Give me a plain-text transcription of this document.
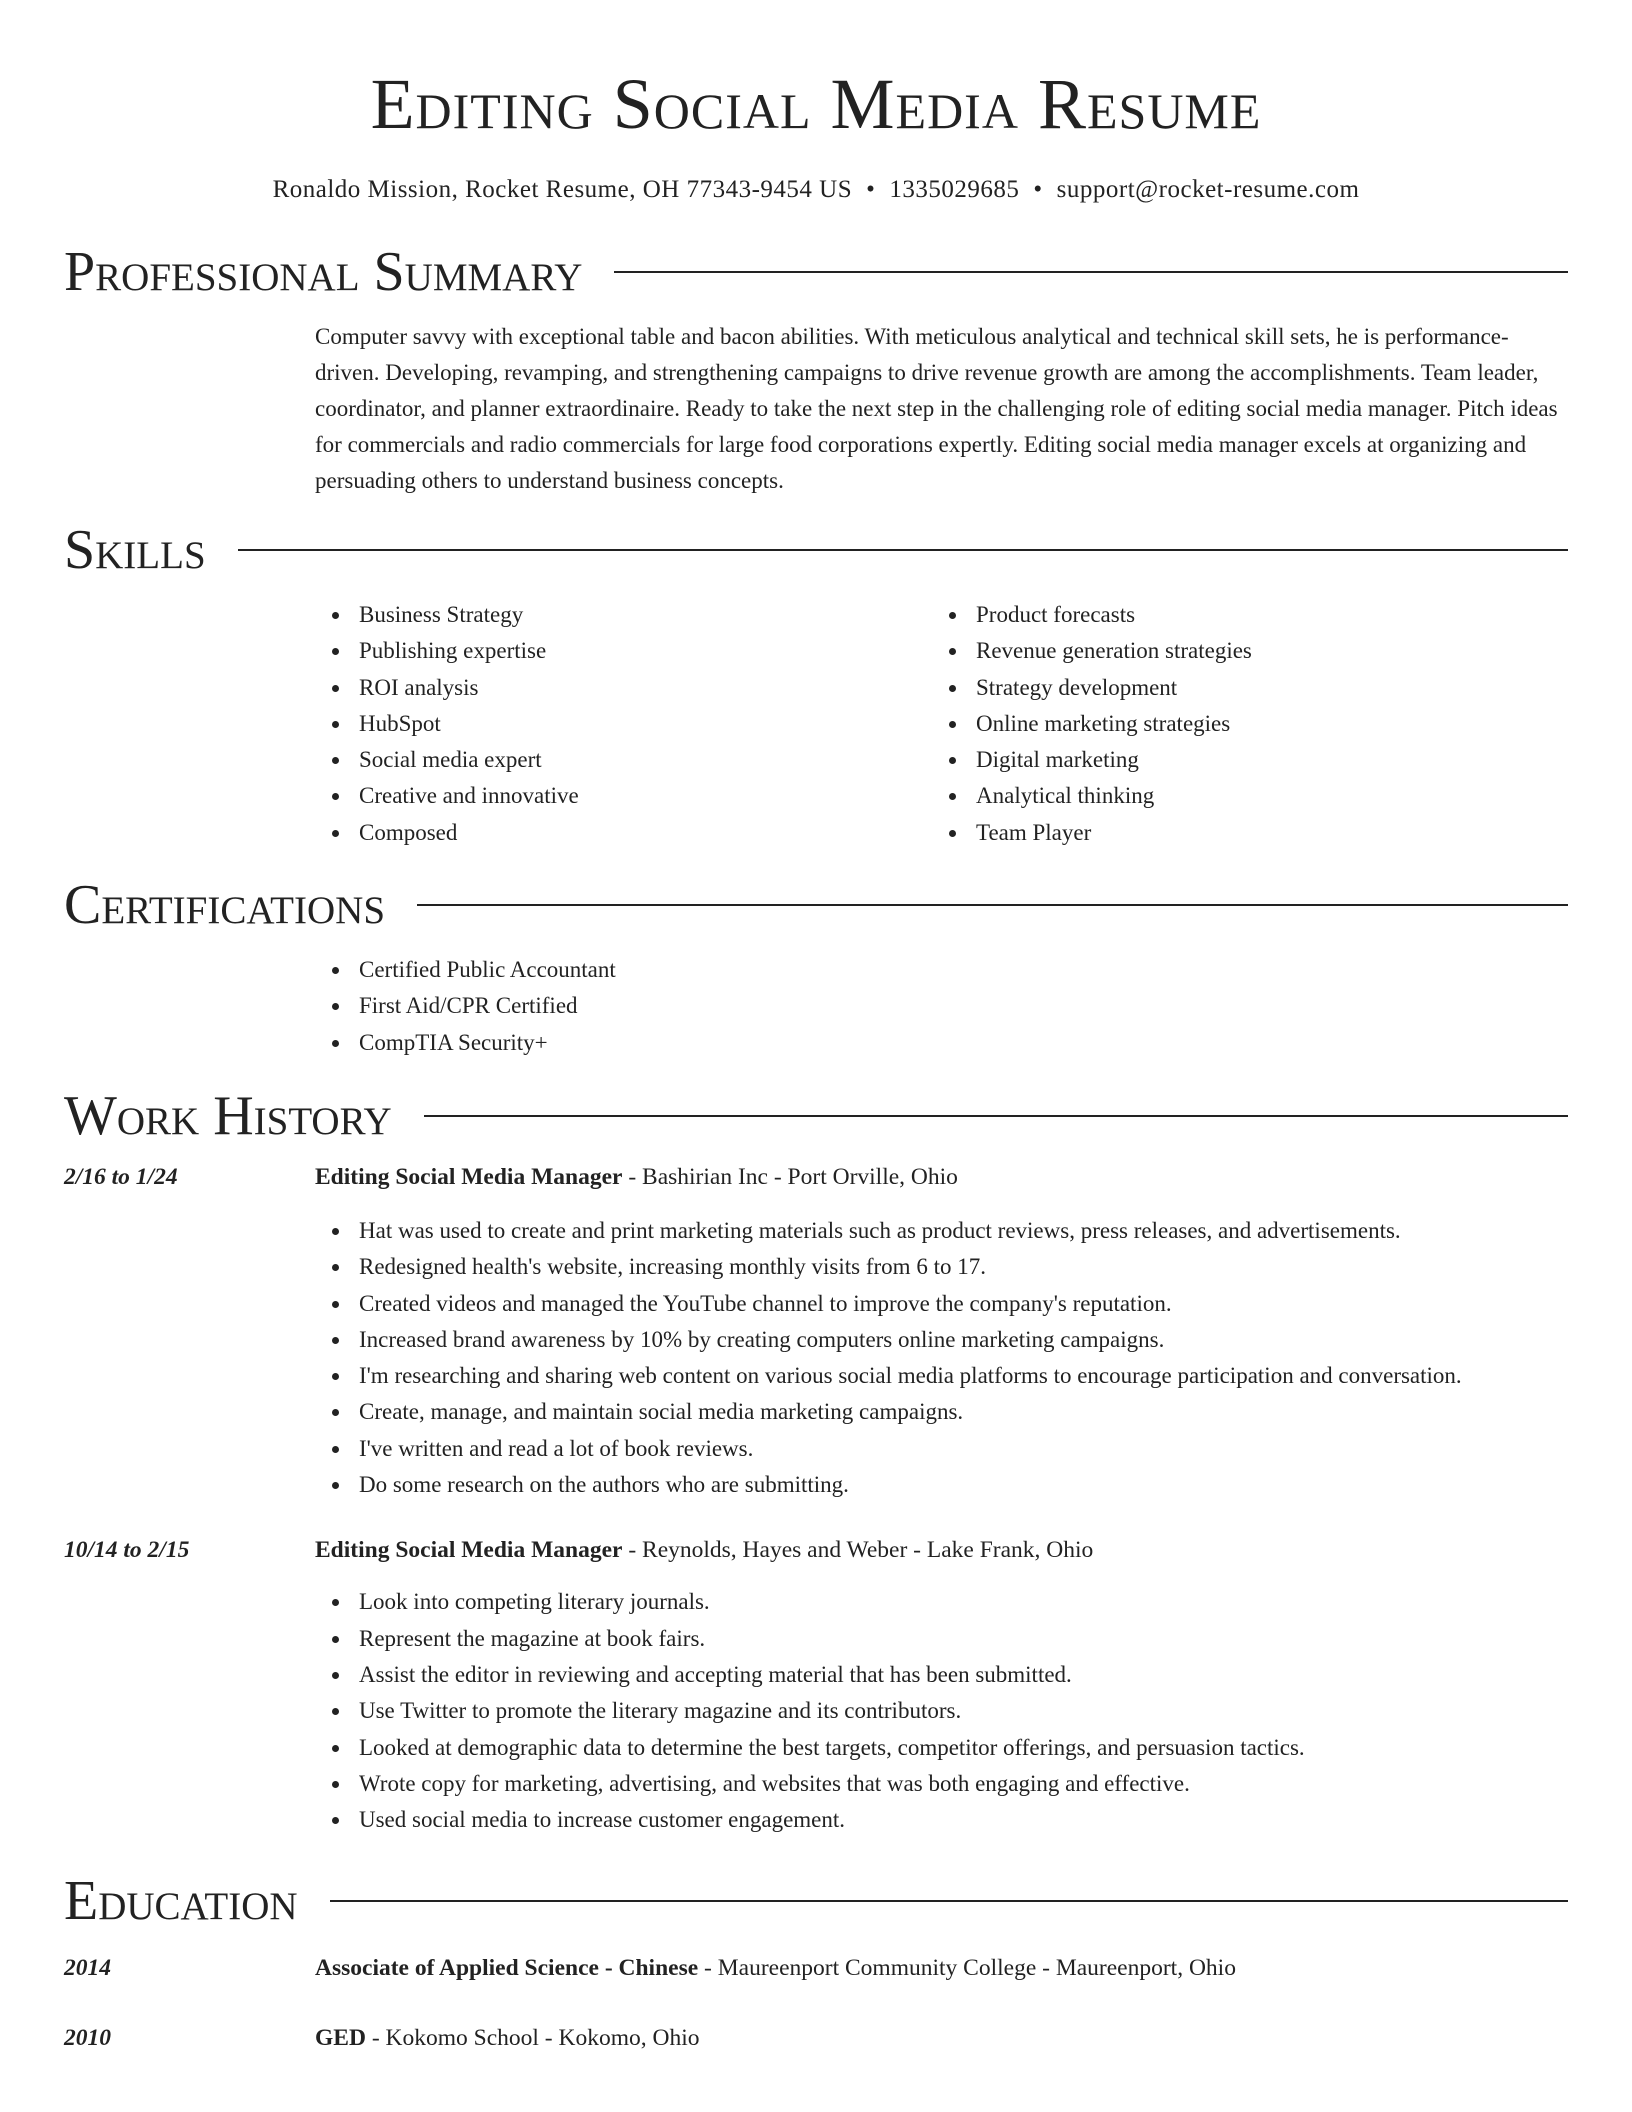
Editing Social Media Resume
Ronaldo Mission, Rocket Resume, OH 77343-9454 US • 1335029685 • support@rocket-resume.com
Professional Summary

Computer savvy with exceptional table and bacon abilities. With meticulous analytical and technical skill sets, he is performance-driven. Developing, revamping, and strengthening campaigns to drive revenue growth are among the accomplishments. Team leader, coordinator, and planner extraordinaire. Ready to take the next step in the challenging role of editing social media manager. Pitch ideas for commercials and radio commercials for large food corporations expertly. Editing social media manager excels at organizing and persuading others to understand business concepts.

Skills
Business Strategy
Publishing expertise
ROI analysis
HubSpot
Social media expert
Creative and innovative
Composed
Product forecasts
Revenue generation strategies
Strategy development
Online marketing strategies
Digital marketing
Analytical thinking
Team Player
Certifications
Certified Public Accountant
First Aid/CPR Certified
CompTIA Security+
Work History
2/16 to 1/24	Editing Social Media Manager - Bashirian Inc - Port Orville, Ohio
Hat was used to create and print marketing materials such as product reviews, press releases, and advertisements.
Redesigned health's website, increasing monthly visits from 6 to 17.
Created videos and managed the YouTube channel to improve the company's reputation.
Increased brand awareness by 10% by creating computers online marketing campaigns.
I'm researching and sharing web content on various social media platforms to encourage participation and conversation.
Create, manage, and maintain social media marketing campaigns.
I've written and read a lot of book reviews.
Do some research on the authors who are submitting.
10/14 to 2/15	Editing Social Media Manager - Reynolds, Hayes and Weber - Lake Frank, Ohio
Look into competing literary journals.
Represent the magazine at book fairs.
Assist the editor in reviewing and accepting material that has been submitted.
Use Twitter to promote the literary magazine and its contributors.
Looked at demographic data to determine the best targets, competitor offerings, and persuasion tactics.
Wrote copy for marketing, advertising, and websites that was both engaging and effective.
Used social media to increase customer engagement.
Education
2014	Associate of Applied Science - Chinese - Maureenport Community College - Maureenport, Ohio
2010	GED - Kokomo School - Kokomo, Ohio
